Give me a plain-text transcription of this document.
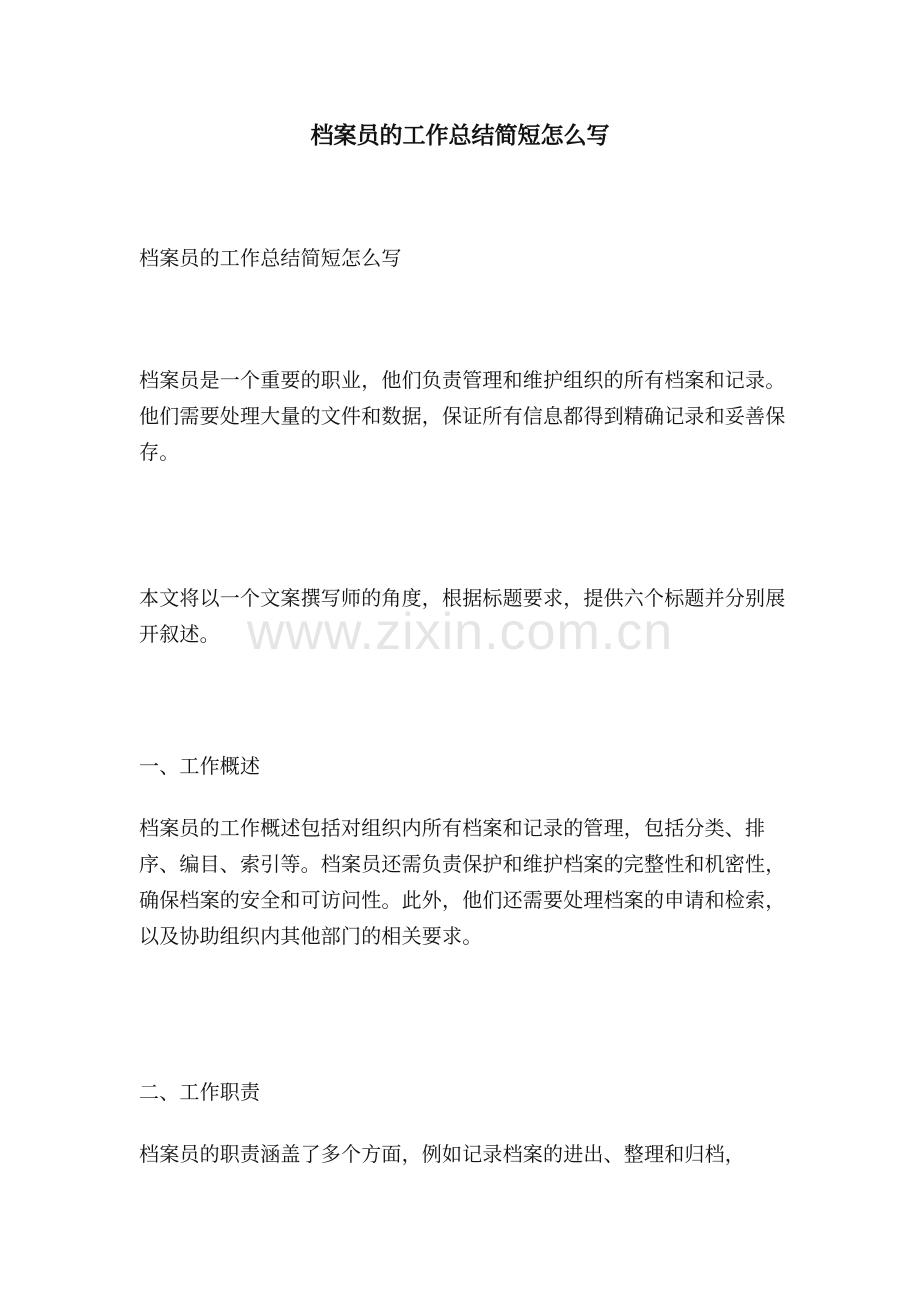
档案员的工作总结简短怎么写

档案员的工作总结简短怎么写

档案员是一个重要的职业，他们负责管理和维护组织的所有档案和记录。他们需要处理大量的文件和数据，保证所有信息都得到精确记录和妥善保存。

本文将以一个文案撰写师的角度，根据标题要求，提供六个标题并分别展开叙述。

一、工作概述

档案员的工作概述包括对组织内所有档案和记录的管理，包括分类、排序、编目、索引等。档案员还需负责保护和维护档案的完整性和机密性，确保档案的安全和可访问性。此外，他们还需要处理档案的申请和检索，以及协助组织内其他部门的相关要求。

二、工作职责

档案员的职责涵盖了多个方面，例如记录档案的进出、整理和归档，

www.zixin.com.cn
